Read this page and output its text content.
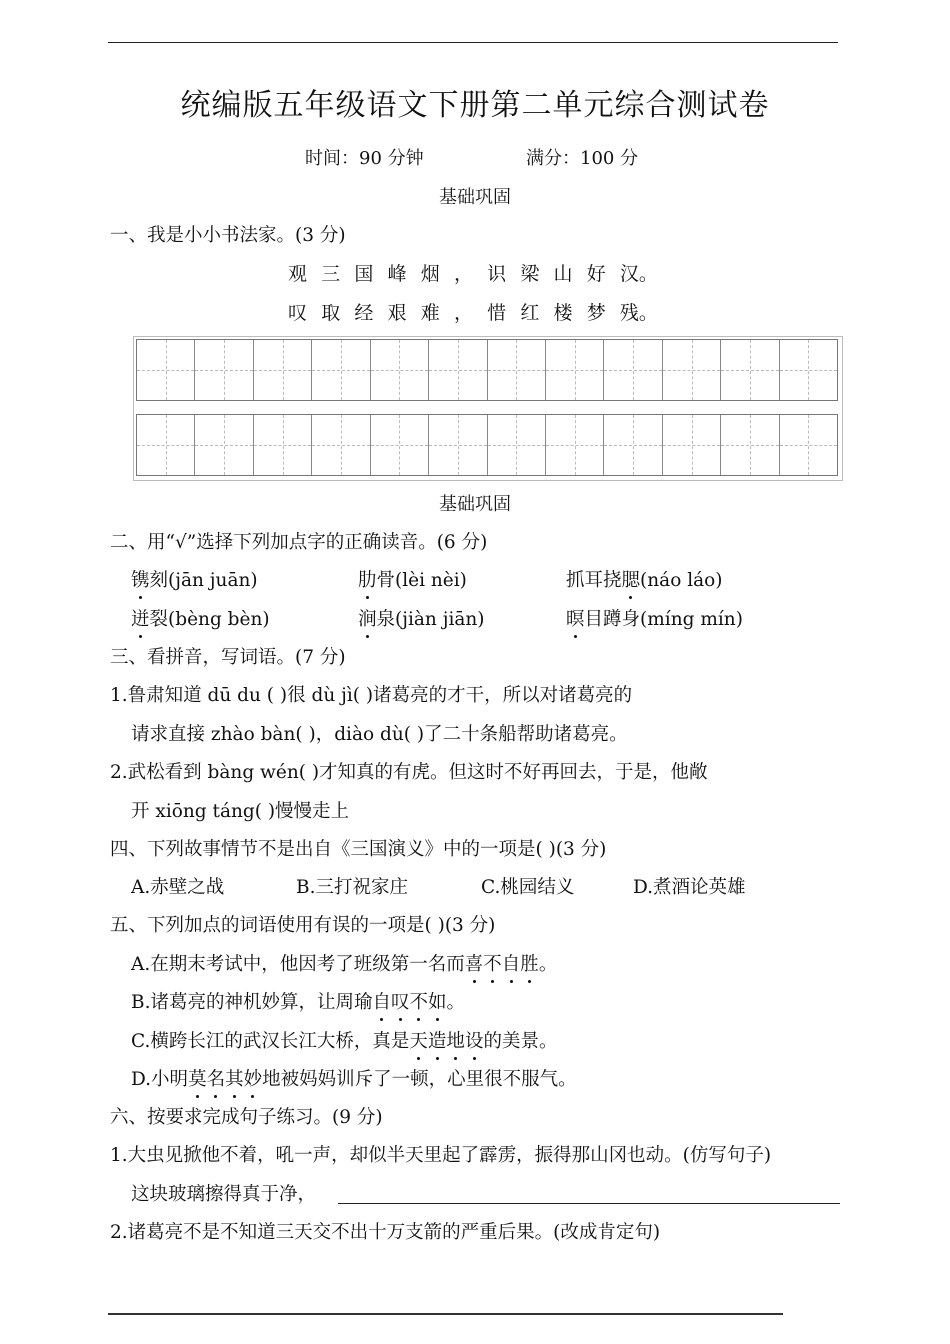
统编版五年级语文下册第二单元综合测试卷
时间：90 分钟	满分：100 分
基础巩固
一、我是小小书法家。(3 分)
观 三 国 峰 烟 ， 识 梁 山 好 汉。
叹 取 经 艰 难 ， 惜 红 楼 梦 残。
基础巩固
二、用“√”选择下列加点字的正确读音。(6 分)
镌刻(jān juān)	肋骨(lèi nèi)	抓耳挠腮(náo láo)
迸裂(bèng bèn)	涧泉(jiàn jiān)	暝目蹲身(míng mín)
三、看拼音，写词语。(7 分)
1.鲁肃知道 dū du ( )很 dù jì( )诸葛亮的才干，所以对诸葛亮的
请求直接 zhào bàn( )，diào dù( )了二十条船帮助诸葛亮。
2.武松看到 bàng wén( )才知真的有虎。但这时不好再回去，于是，他敞
开 xiōng táng( )慢慢走上
四、下列故事情节不是出自《三国演义》中的一项是( )(3 分)
A.赤壁之战	B.三打祝家庄	C.桃园结义	D.煮酒论英雄
五、下列加点的词语使用有误的一项是( )(3 分)
A.在期末考试中，他因考了班级第一名而喜不自胜。
B.诸葛亮的神机妙算，让周瑜自叹不如。
C.横跨长江的武汉长江大桥，真是天造地设的美景。
D.小明莫名其妙地被妈妈训斥了一顿，心里很不服气。
六、按要求完成句子练习。(9 分)
1.大虫见掀他不着，吼一声，却似半天里起了霹雳，振得那山冈也动。(仿写句子)
这块玻璃擦得真于净，
2.诸葛亮不是不知道三天交不出十万支箭的严重后果。(改成肯定句)
